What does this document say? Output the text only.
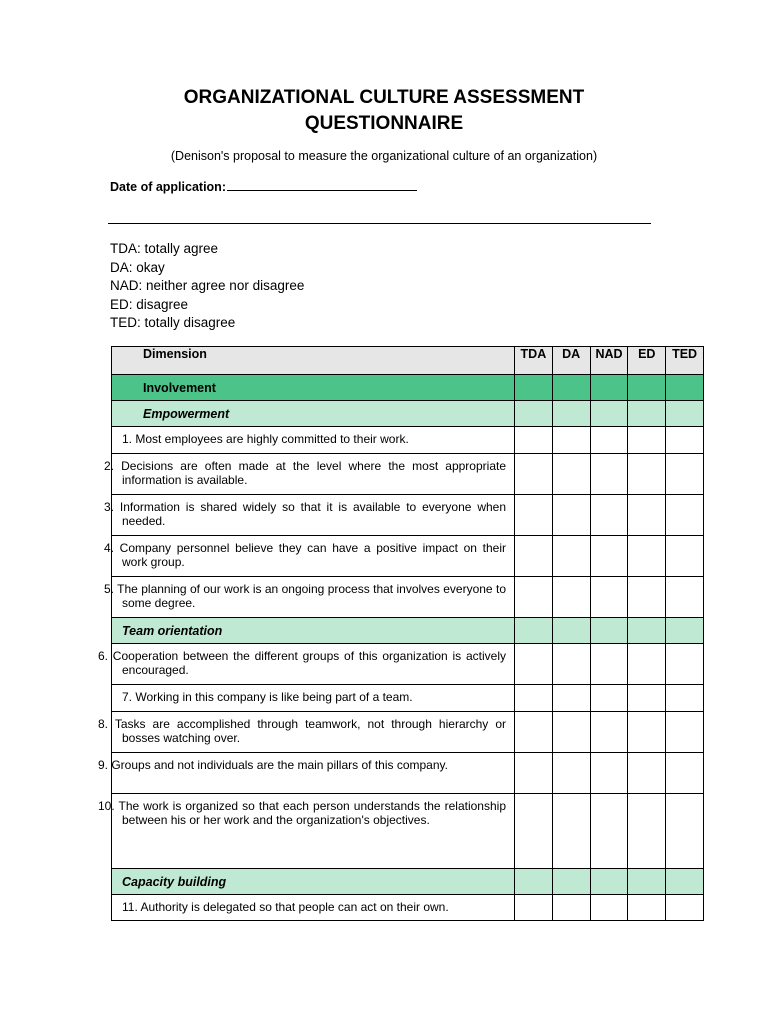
ORGANIZATIONAL CULTURE ASSESSMENT
QUESTIONNAIRE
(Denison's proposal to measure the organizational culture of an organization)
Date of application:
TDA: totally agree
DA: okay
NAD: neither agree nor disagree
ED: disagree
TED: totally disagree
Dimension	TDA	DA	NAD	ED	TED
Involvement					
Empowerment					
1. Most employees are highly committed to their work.					
2. Decisions are often made at the level where the most appropriate information is available.					
3. Information is shared widely so that it is available to everyone when needed.					
4. Company personnel believe they can have a positive impact on their work group.					
5. The planning of our work is an ongoing process that involves everyone to some degree.					
Team orientation					
6. Cooperation between the different groups of this organization is actively encouraged.					
7. Working in this company is like being part of a team.					
8. Tasks are accomplished through teamwork, not through hierarchy or bosses watching over.					
9. Groups and not individuals are the main pillars of this company.					
10. The work is organized so that each person understands the relationship between his or her work and the organization's objectives.					
Capacity building					
11. Authority is delegated so that people can act on their own.					
